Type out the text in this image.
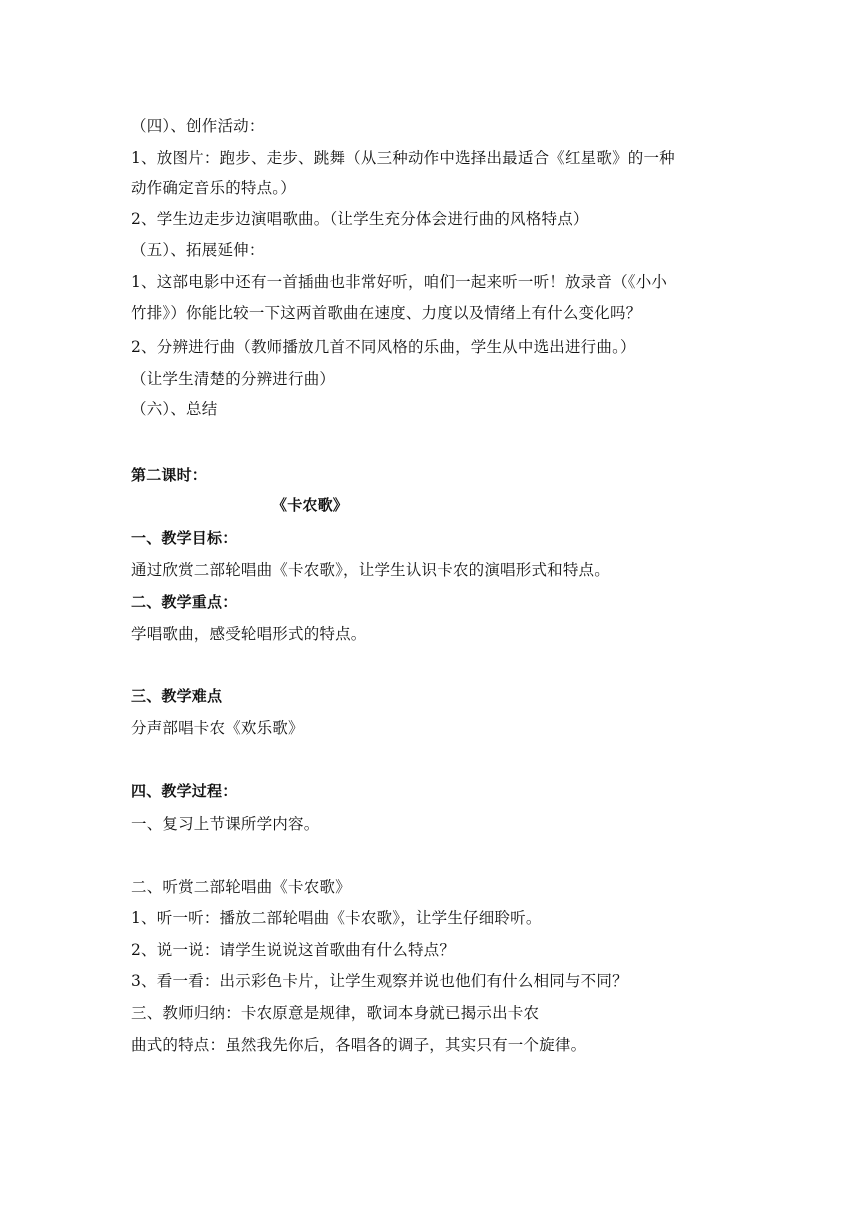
（四）、创作活动：
1、放图片：跑步、走步、跳舞（从三种动作中选择出最适合《红星歌》的一种
动作确定音乐的特点。）
2、学生边走步边演唱歌曲。（让学生充分体会进行曲的风格特点）
（五）、拓展延伸：
1、这部电影中还有一首插曲也非常好听，咱们一起来听一听！放录音（《小小
竹排》）你能比较一下这两首歌曲在速度、力度以及情绪上有什么变化吗？
2、分辨进行曲（教师播放几首不同风格的乐曲，学生从中选出进行曲。）
（让学生清楚的分辨进行曲）
（六）、总结
第二课时：
《卡农歌》
一、教学目标：
通过欣赏二部轮唱曲《卡农歌》，让学生认识卡农的演唱形式和特点。
二、教学重点：
学唱歌曲，感受轮唱形式的特点。
三、教学难点
分声部唱卡农《欢乐歌》
四、教学过程：
一、复习上节课所学内容。
二、听赏二部轮唱曲《卡农歌》
1、听一听：播放二部轮唱曲《卡农歌》，让学生仔细聆听。
2、说一说：请学生说说这首歌曲有什么特点？
3、看一看：出示彩色卡片，让学生观察并说也他们有什么相同与不同？
三、教师归纳：卡农原意是规律，歌词本身就已揭示出卡农
曲式的特点：虽然我先你后，各唱各的调子，其实只有一个旋律。
